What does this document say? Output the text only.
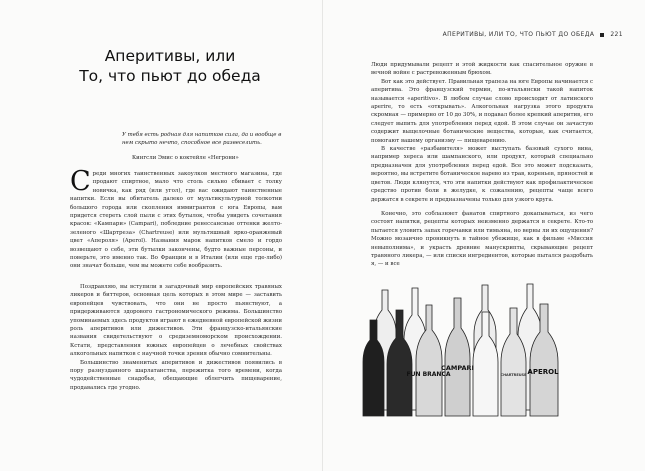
Аперитивы, или
То, что пьют до обеда
У тебя есть родная для напитков сила, да и вообще в нем скрыто нечто, способное все развеселить.
Кингсли Эмис о коктейле «Негрони»

Среди многих таинственных закоулков местного магазина, где продают спиртное, мало что столь сильно сбивает с толку новичка, как ряд (или угол), где вас ожидают таинственные напитки. Если вы обитатель далеко от мультикультурной толкотни большого города или скопления иммигрантов с юга Европы, вам придется стереть слой пыли с этих бутылок, чтобы увидеть сочетания красок: «Кампари» (Campari), побледние ренессансные оттенки желто-зеленого «Шартреза» (Chartreuse) или мультяшный ярко-оранжевый цвет «Апероля» (Aperol). Названия марок напитков смело и гордо возвещают о себе, эти бутылки закончены, будто важные персоны, и поверьте, это именно так. Во Франции и в Италии (или еще где-либо) они значат больше, чем вы можете себе вообразить.

Поздравляю, вы вступили в загадочный мир европейских травяных ликеров и биттеров, основная цель которых в этом мире — заставить европейцев чувствовать, что они не просто пьянствуют, а придерживаются здорового гастрономического режима. Большинство упоминаемых здесь продуктов играют в ежедневной европейской жизни роль аперитивов или дижестивов. Эти французско-итальянские названия свидетельствуют о средиземноморском происхождении. Кстати, представления южных европейцев о лечебных свойствах алкогольных напитков с научной точки зрения обычно сомнительны.

Большинство знаменитых аперитивов и дижестивов появились в пору разнузданного шарлатанства, пережитка того времени, когда чудодейственные снадобья, обещающие облегчить пищеварение, продавались где угодно.

АПЕРИТИВЫ, ИЛИ ТО, ЧТО ПЬЮТ ДО ОБЕДА	221

Люди придумывали рецепт и этой жидкости как спасительное оружие в вечной войне с растревоженным брюхом.

Вот как это действует. Правильная трапеза на юге Европы начинается с аперитива. Это французский термин, по-итальянски такой напиток называется «aperitivo». В любом случае слово происходит от латинского aperire, то есть «открывать». Алкогольная нагрузка этого продукта скромная — примерно от 10 до 30%, и подавал более крепкий аперитив, его следует выпить для употребления перед едой. В этом случае он зачастую содержит выщелочные ботанические вещества, которые, как считается, помогают вашему организму — пищеварению.

В качестве «разбавителя» может выступать базовый сухого вина, например хереса или шампанского, или продукт, который специально предназначен для употребления перед едой. Все это может подсказать, вероятно, вы встретите ботаническое варево из трав, кореньев, пряностей и цветов. Люди клянутся, что эти напитки действуют как профилактическое средство против боли в желудке, к сожалению, рецепты чаще всего держатся в секрете и предназначены только для узкого круга.

Конечно, это соблазняет фанатов спиртного докапываться, из чего состоят напитки, рецепты которых неизменно держатся в секрете. Кто-то пытается уловить запах горечавки или тимьяна, но верны ли их ощущения? Можно мозаично проникнуть в тайное убежище, как в фильме «Миссия невыполнима», и украсть древние манускрипты, скрывающие рецепт травяного ликера, — или списки ингредиентов, которые пытался раздобыть я, — и все

FUN BRANCA
CAMPARI	APEROL
CHARTREUSE
